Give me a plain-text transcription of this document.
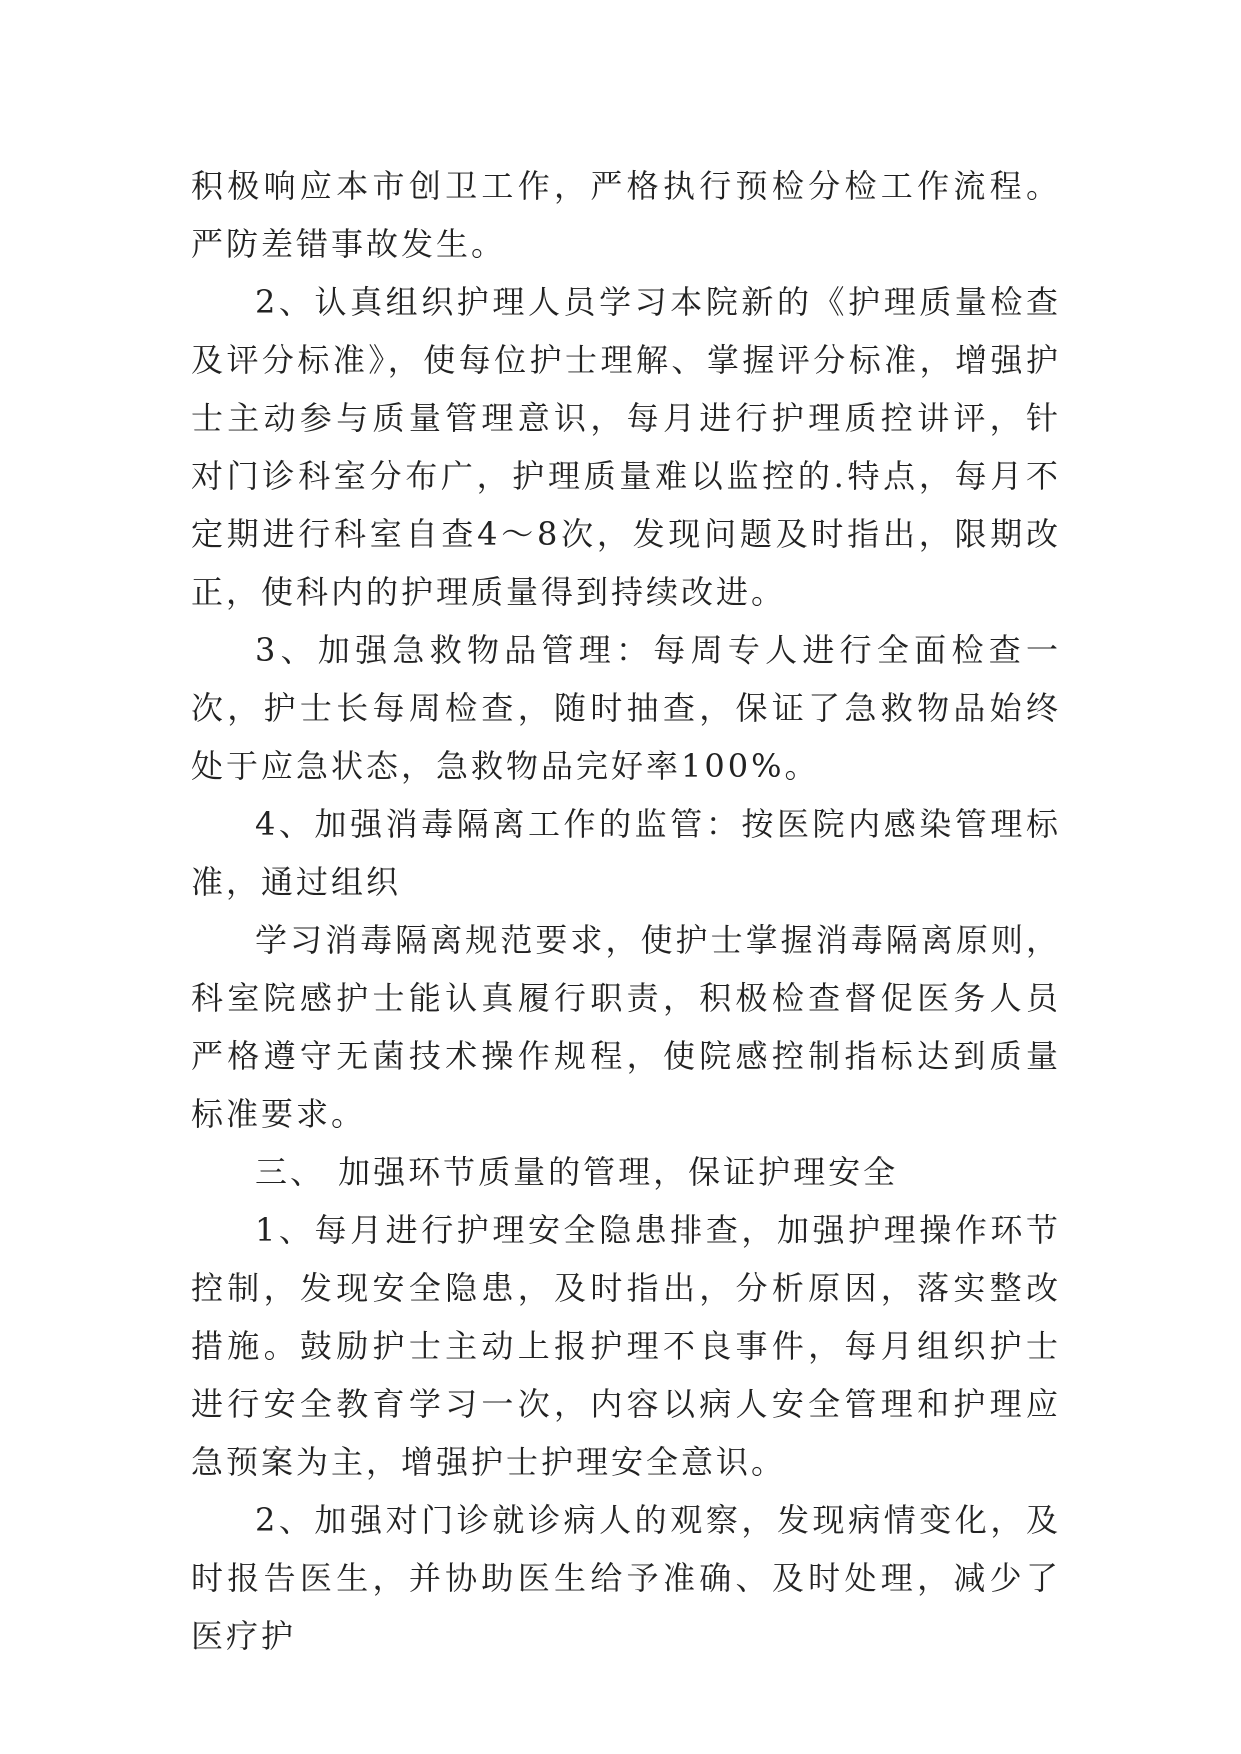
积极响应本市创卫工作，严格执行预检分检工作流程。严防差错事故发生。

2、认真组织护理人员学习本院新的《护理质量检查及评分标准》，使每位护士理解、掌握评分标准，增强护士主动参与质量管理意识，每月进行护理质控讲评，针对门诊科室分布广，护理质量难以监控的.特点，每月不定期进行科室自查4～8次，发现问题及时指出，限期改正，使科内的护理质量得到持续改进。

3、加强急救物品管理：每周专人进行全面检查一次，护士长每周检查，随时抽查，保证了急救物品始终处于应急状态，急救物品完好率100%。

4、加强消毒隔离工作的监管：按医院内感染管理标准，通过组织

学习消毒隔离规范要求，使护士掌握消毒隔离原则，科室院感护士能认真履行职责，积极检查督促医务人员严格遵守无菌技术操作规程，使院感控制指标达到质量标准要求。

三、 加强环节质量的管理，保证护理安全

1、每月进行护理安全隐患排查，加强护理操作环节控制，发现安全隐患，及时指出，分析原因，落实整改措施。鼓励护士主动上报护理不良事件，每月组织护士进行安全教育学习一次，内容以病人安全管理和护理应急预案为主，增强护士护理安全意识。

2、加强对门诊就诊病人的观察，发现病情变化，及时报告医生，并协助医生给予准确、及时处理，减少了医疗护
